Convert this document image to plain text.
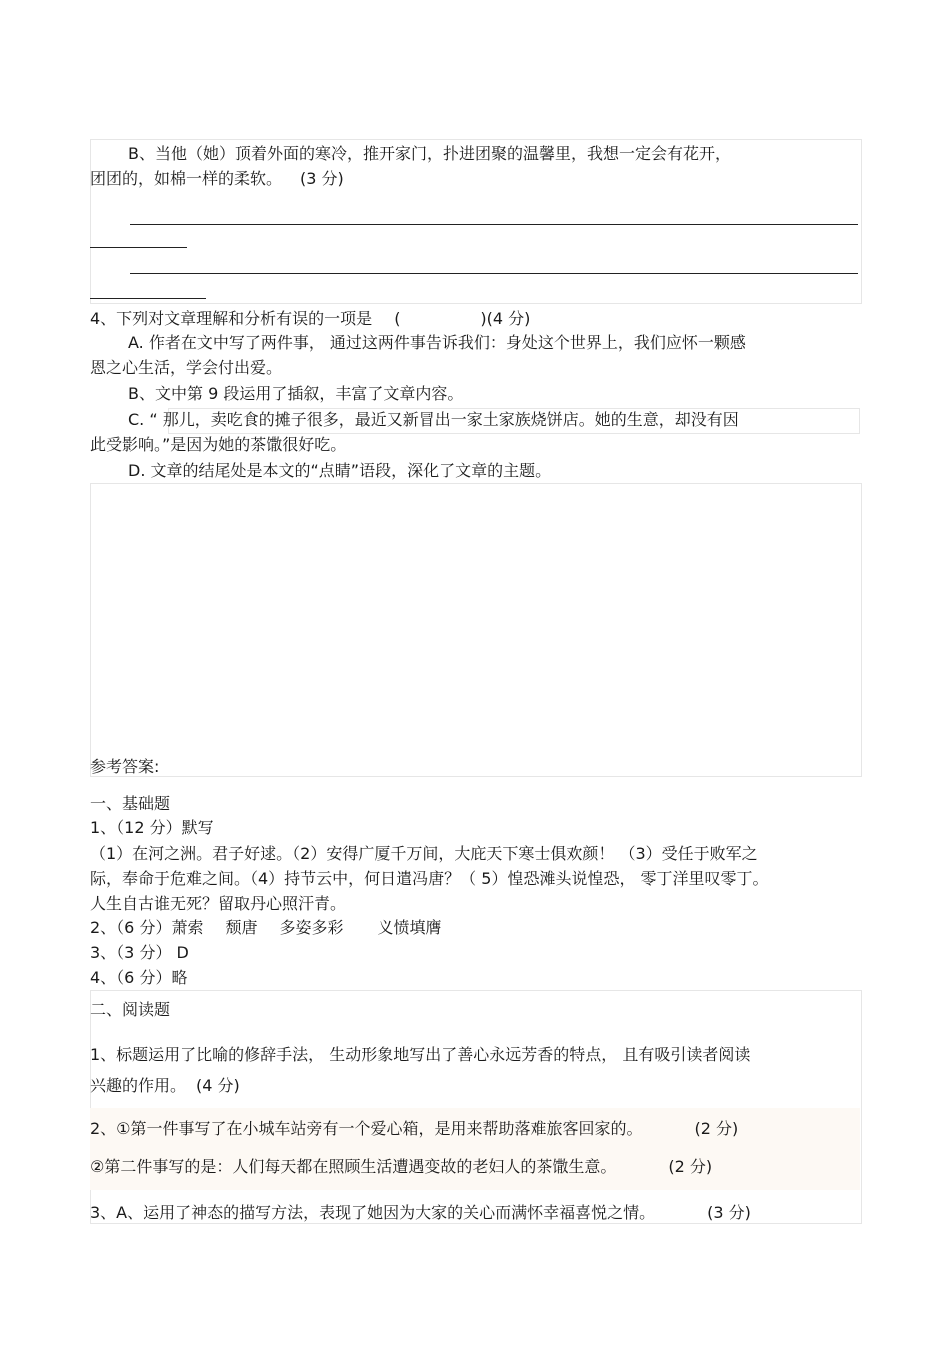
B、当他（她）顶着外面的寒冷，推开家门，扑进团聚的温馨里，我想一定会有花开，
团团的，如棉一样的柔软。 (3 分)
4、下列对文章理解和分析有误的一项是 (　　　　　)(4 分)
A. 作者在文中写了两件事， 通过这两件事告诉我们：身处这个世界上，我们应怀一颗感
恩之心生活，学会付出爱。
B、文中第 9 段运用了插叙，丰富了文章内容。
C. “ 那儿，卖吃食的摊子很多，最近又新冒出一家土家族烧饼店。她的生意，却没有因
此受影响。”是因为她的茶馓很好吃。
D. 文章的结尾处是本文的“点睛”语段，深化了文章的主题。
参考答案:
一、基础题
1、（12 分）默写
（1）在河之洲。君子好逑。（2）安得广厦千万间，大庇天下寒士俱欢颜！ （3）受任于败军之
际，奉命于危难之间。（4）持节云中，何日遣冯唐？（ 5）惶恐滩头说惶恐， 零丁洋里叹零丁。
人生自古谁无死？留取丹心照汗青。
2、（6 分）萧索 颓唐 多姿多彩 义愤填膺
3、（3 分） D
4、（6 分）略
二、阅读题
1、标题运用了比喻的修辞手法， 生动形象地写出了善心永远芳香的特点， 且有吸引读者阅读
兴趣的作用。 (4 分)
2、①第一件事写了在小城车站旁有一个爱心箱，是用来帮助落难旅客回家的。	(2 分)
②第二件事写的是：人们每天都在照顾生活遭遇变故的老妇人的茶馓生意。	(2 分)
3、A、运用了神态的描写方法，表现了她因为大家的关心而满怀幸福喜悦之情。	(3 分)
